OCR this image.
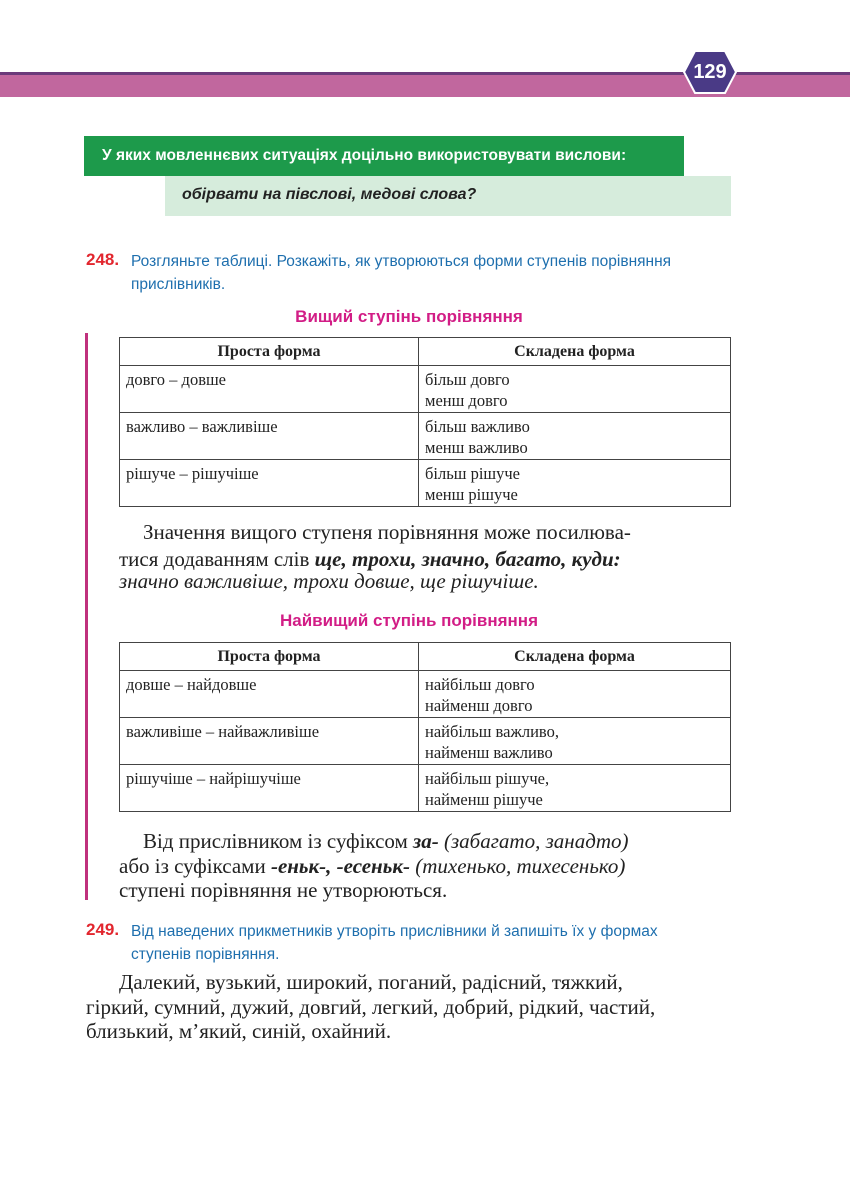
129
У яких мовленнєвих ситуаціях доцільно використовувати вислови:
обірвати на півслові, медові слова?
248. Розгляньте таблиці. Розкажіть, як утворюються форми ступенів порівняння
прислівників.
Вищий ступінь порівняння
Проста форма	Складена форма
довго – довше	більш довго
менш довго

важливо – важливіше	більш важливо
менш важливо

рішуче – рішучіше	більш рішуче
менш рішуче
Значення вищого ступеня порівняння може посилюва-
тися додаванням слів ще, трохи, значно, багато, куди:
значно важливіше, трохи довше, ще рішучіше.
Найвищий ступінь порівняння
Проста форма	Складена форма
довше – найдовше	найбільш довго
найменш довго

важливіше – найважливіше	найбільш важливо,
найменш важливо

рішучіше – найрішучіше	найбільш рішуче,
найменш рішуче
Від прислівником із суфіксом за- (забагато, занадто)
або із суфіксами -еньк-, -есеньк- (тихенько, тихесенько)
ступені порівняння не утворюються.
249. Від наведених прикметників утворіть прислівники й запишіть їх у формах
ступенів порівняння.
Далекий, вузький, широкий, поганий, радісний, тяжкий,
гіркий, сумний, дужий, довгий, легкий, добрий, рідкий, частий,
близький, м’який, синій, охайний.
